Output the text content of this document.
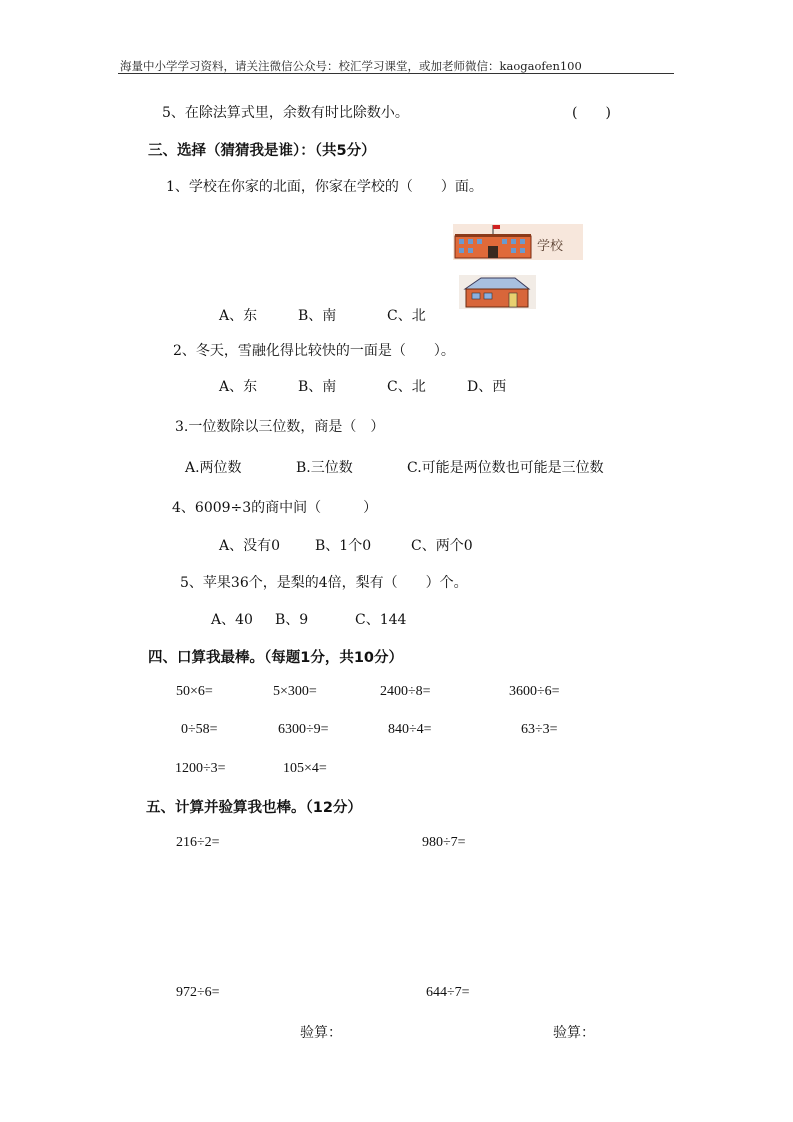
海量中小学学习资料，请关注微信公众号：校汇学习课堂，或加老师微信：kaogaofen100
5、在除法算式里，余数有时比除数小。	(　　)
三、选择（猜猜我是谁）：（共5分）
1、学校在你家的北面，你家在学校的（　　）面。
学校
A、东	B、南	C、北
2、冬天，雪融化得比较快的一面是（　　）。
A、东	B、南	C、北	D、西
3.一位数除以三位数，商是（　）
A.两位数	B.三位数	C.可能是两位数也可能是三位数
4、6009÷3的商中间（　　　）
A、没有0 B、1个0	C、两个0
5、苹果36个，是梨的4倍，梨有（　　）个。
A、40 B、9	C、144
四、口算我最棒。（每题1分，共10分）
50×6=	5×300=	2400÷8=	3600÷6=
0÷58=	6300÷9=	840÷4=	63÷3=
1200÷3=	105×4=
五、计算并验算我也棒。（12分）
216÷2=	980÷7=
972÷6=	644÷7=
验算：	验算：
